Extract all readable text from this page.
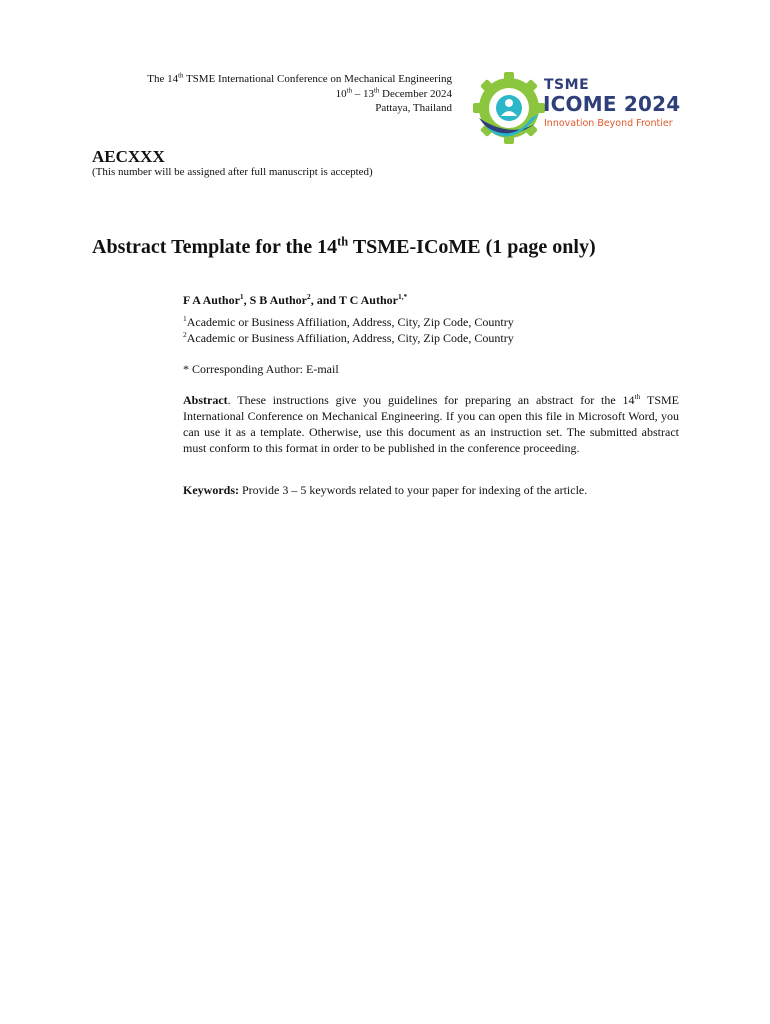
The 14th TSME International Conference on Mechanical Engineering
10th – 13th December 2024
Pattaya, Thailand
TSME
ICOME 2024
Innovation Beyond Frontier
AECXXX
(This number will be assigned after full manuscript is accepted)
Abstract Template for the 14th TSME-ICoME (1 page only)
F A Author$^1$, S B Author$^2$, and T C Author$^{1,*}$
$^1$Academic or Business Affiliation, Address, City, Zip Code, Country
$^2$Academic or Business Affiliation, Address, City, Zip Code, Country
* Corresponding Author: E-mail
Abstract. These instructions give you guidelines for preparing an abstract for the 14th TSME International Conference on Mechanical Engineering. If you can open this file in Microsoft Word, you can use it as a template. Otherwise, use this document as an instruction set. The submitted abstract must conform to this format in order to be published in the conference proceeding.
Keywords: Provide 3 – 5 keywords related to your paper for indexing of the article.
